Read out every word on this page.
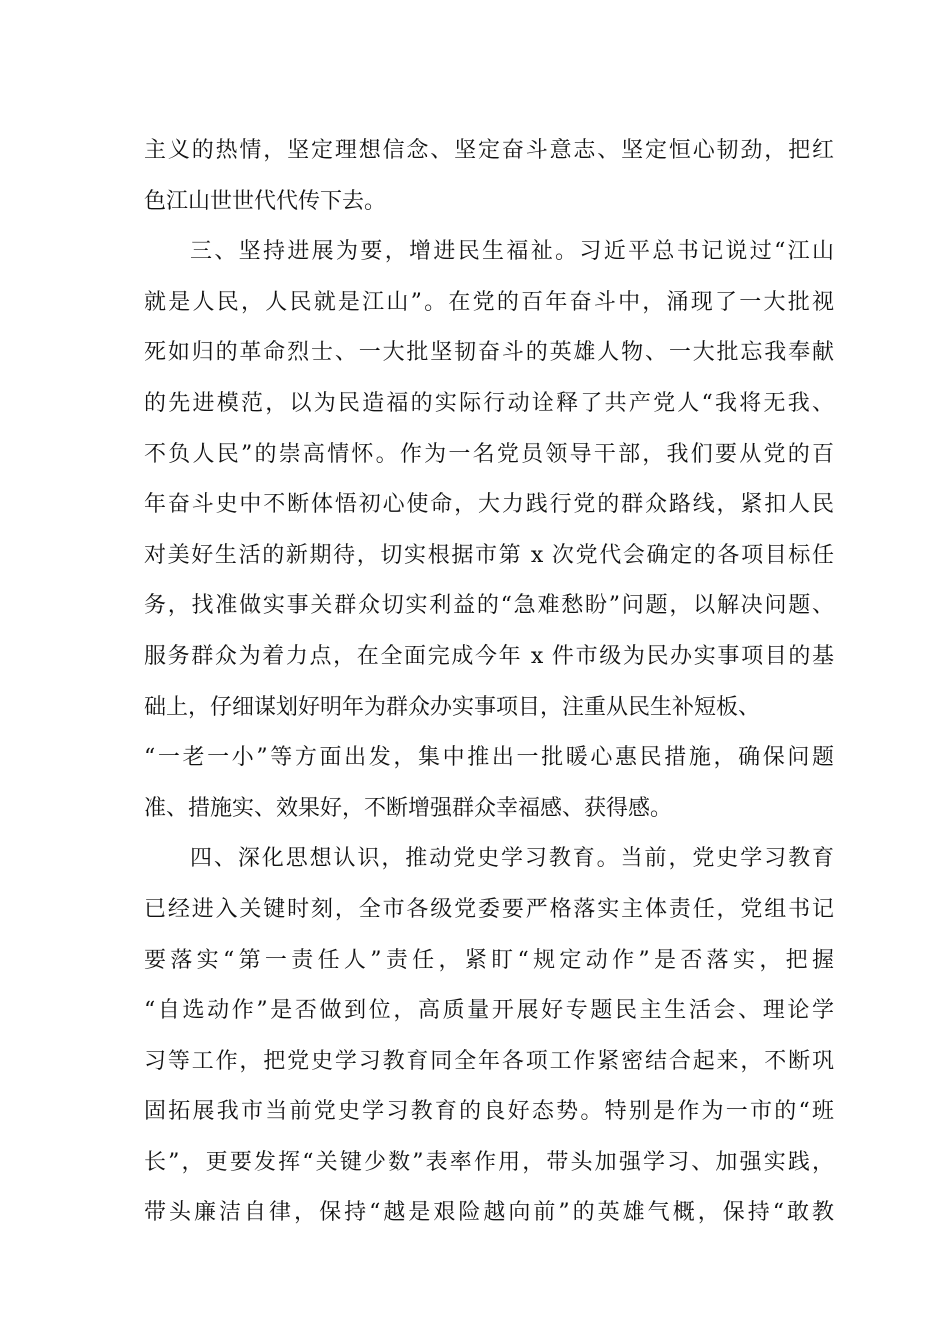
主义的热情，坚定理想信念、坚定奋斗意志、坚定恒心韧劲，把红
色江山世世代代传下去。
三、坚持进展为要，增进民生福祉。习近平总书记说过“江山
就是人民，人民就是江山”。在党的百年奋斗中，涌现了一大批视
死如归的革命烈士、一大批坚韧奋斗的英雄人物、一大批忘我奉献
的先进模范，以为民造福的实际行动诠释了共产党人“我将无我、
不负人民”的崇高情怀。作为一名党员领导干部，我们要从党的百
年奋斗史中不断体悟初心使命，大力践行党的群众路线，紧扣人民
对美好生活的新期待，切实根据市第 x 次党代会确定的各项目标任
务，找准做实事关群众切实利益的“急难愁盼”问题，以解决问题、
服务群众为着力点，在全面完成今年 x 件市级为民办实事项目的基
础上，仔细谋划好明年为群众办实事项目，注重从民生补短板、
“一老一小”等方面出发，集中推出一批暖心惠民措施，确保问题
准、措施实、效果好，不断增强群众幸福感、获得感。
四、深化思想认识，推动党史学习教育。当前，党史学习教育
已经进入关键时刻，全市各级党委要严格落实主体责任，党组书记
要落实“第一责任人”责任，紧盯“规定动作”是否落实，把握
“自选动作”是否做到位，高质量开展好专题民主生活会、理论学
习等工作，把党史学习教育同全年各项工作紧密结合起来，不断巩
固拓展我市当前党史学习教育的良好态势。特别是作为一市的“班
长”，更要发挥“关键少数”表率作用，带头加强学习、加强实践，
带头廉洁自律，保持“越是艰险越向前”的英雄气概，保持“敢教
